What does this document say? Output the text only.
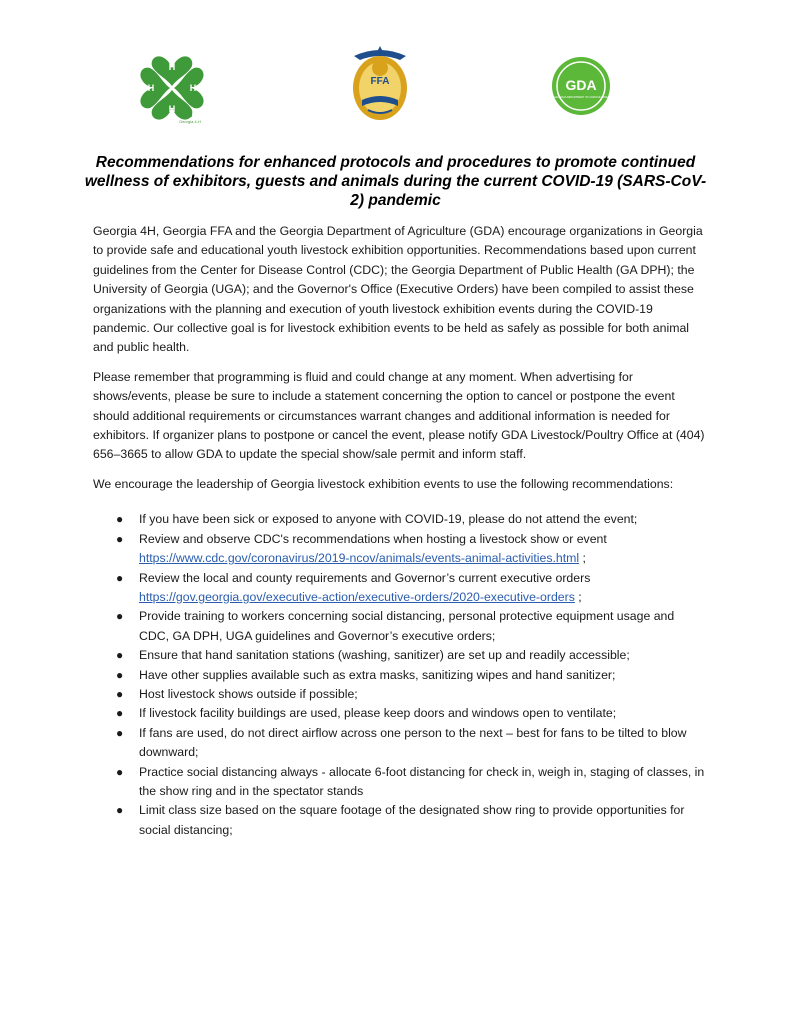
H
H
H
H
Georgia 4-H
FFA	GDA
GEORGIA DEPARTMENT OF AGRICULTURE
Recommendations for enhanced protocols and procedures to promote continued wellness of exhibitors, guests and animals during the current COVID-19 (SARS-CoV-2) pandemic

Georgia 4H, Georgia FFA and the Georgia Department of Agriculture (GDA) encourage organizations in Georgia to provide safe and educational youth livestock exhibition opportunities. Recommendations based upon current guidelines from the Center for Disease Control (CDC); the Georgia Department of Public Health (GA DPH); the University of Georgia (UGA); and the Governor's Office (Executive Orders) have been compiled to assist these organizations with the planning and execution of youth livestock exhibition events during the COVID-19 pandemic. Our collective goal is for livestock exhibition events to be held as safely as possible for both animal and public health.

Please remember that programming is fluid and could change at any moment. When advertising for shows/events, please be sure to include a statement concerning the option to cancel or postpone the event should additional requirements or circumstances warrant changes and additional information is needed for exhibitors. If organizer plans to postpone or cancel the event, please notify GDA Livestock/Poultry Office at (404) 656–3665 to allow GDA to update the special show/sale permit and inform staff.

We encourage the leadership of Georgia livestock exhibition events to use the following recommendations:

● If you have been sick or exposed to anyone with COVID-19, please do not attend the event;
● Review and observe CDC's recommendations when hosting a livestock show or event
https://www.cdc.gov/coronavirus/2019-ncov/animals/events-animal-activities.html ;
● Review the local and county requirements and Governor’s current executive orders
https://gov.georgia.gov/executive-action/executive-orders/2020-executive-orders ;
● Provide training to workers concerning social distancing, personal protective equipment usage and CDC, GA DPH, UGA guidelines and Governor’s executive orders;
● Ensure that hand sanitation stations (washing, sanitizer) are set up and readily accessible;
● Have other supplies available such as extra masks, sanitizing wipes and hand sanitizer;
● Host livestock shows outside if possible;
● If livestock facility buildings are used, please keep doors and windows open to ventilate;
● If fans are used, do not direct airflow across one person to the next – best for fans to be tilted to blow downward;
● Practice social distancing always - allocate 6-foot distancing for check in, weigh in, staging of classes, in the show ring and in the spectator stands
● Limit class size based on the square footage of the designated show ring to provide opportunities for social distancing;
